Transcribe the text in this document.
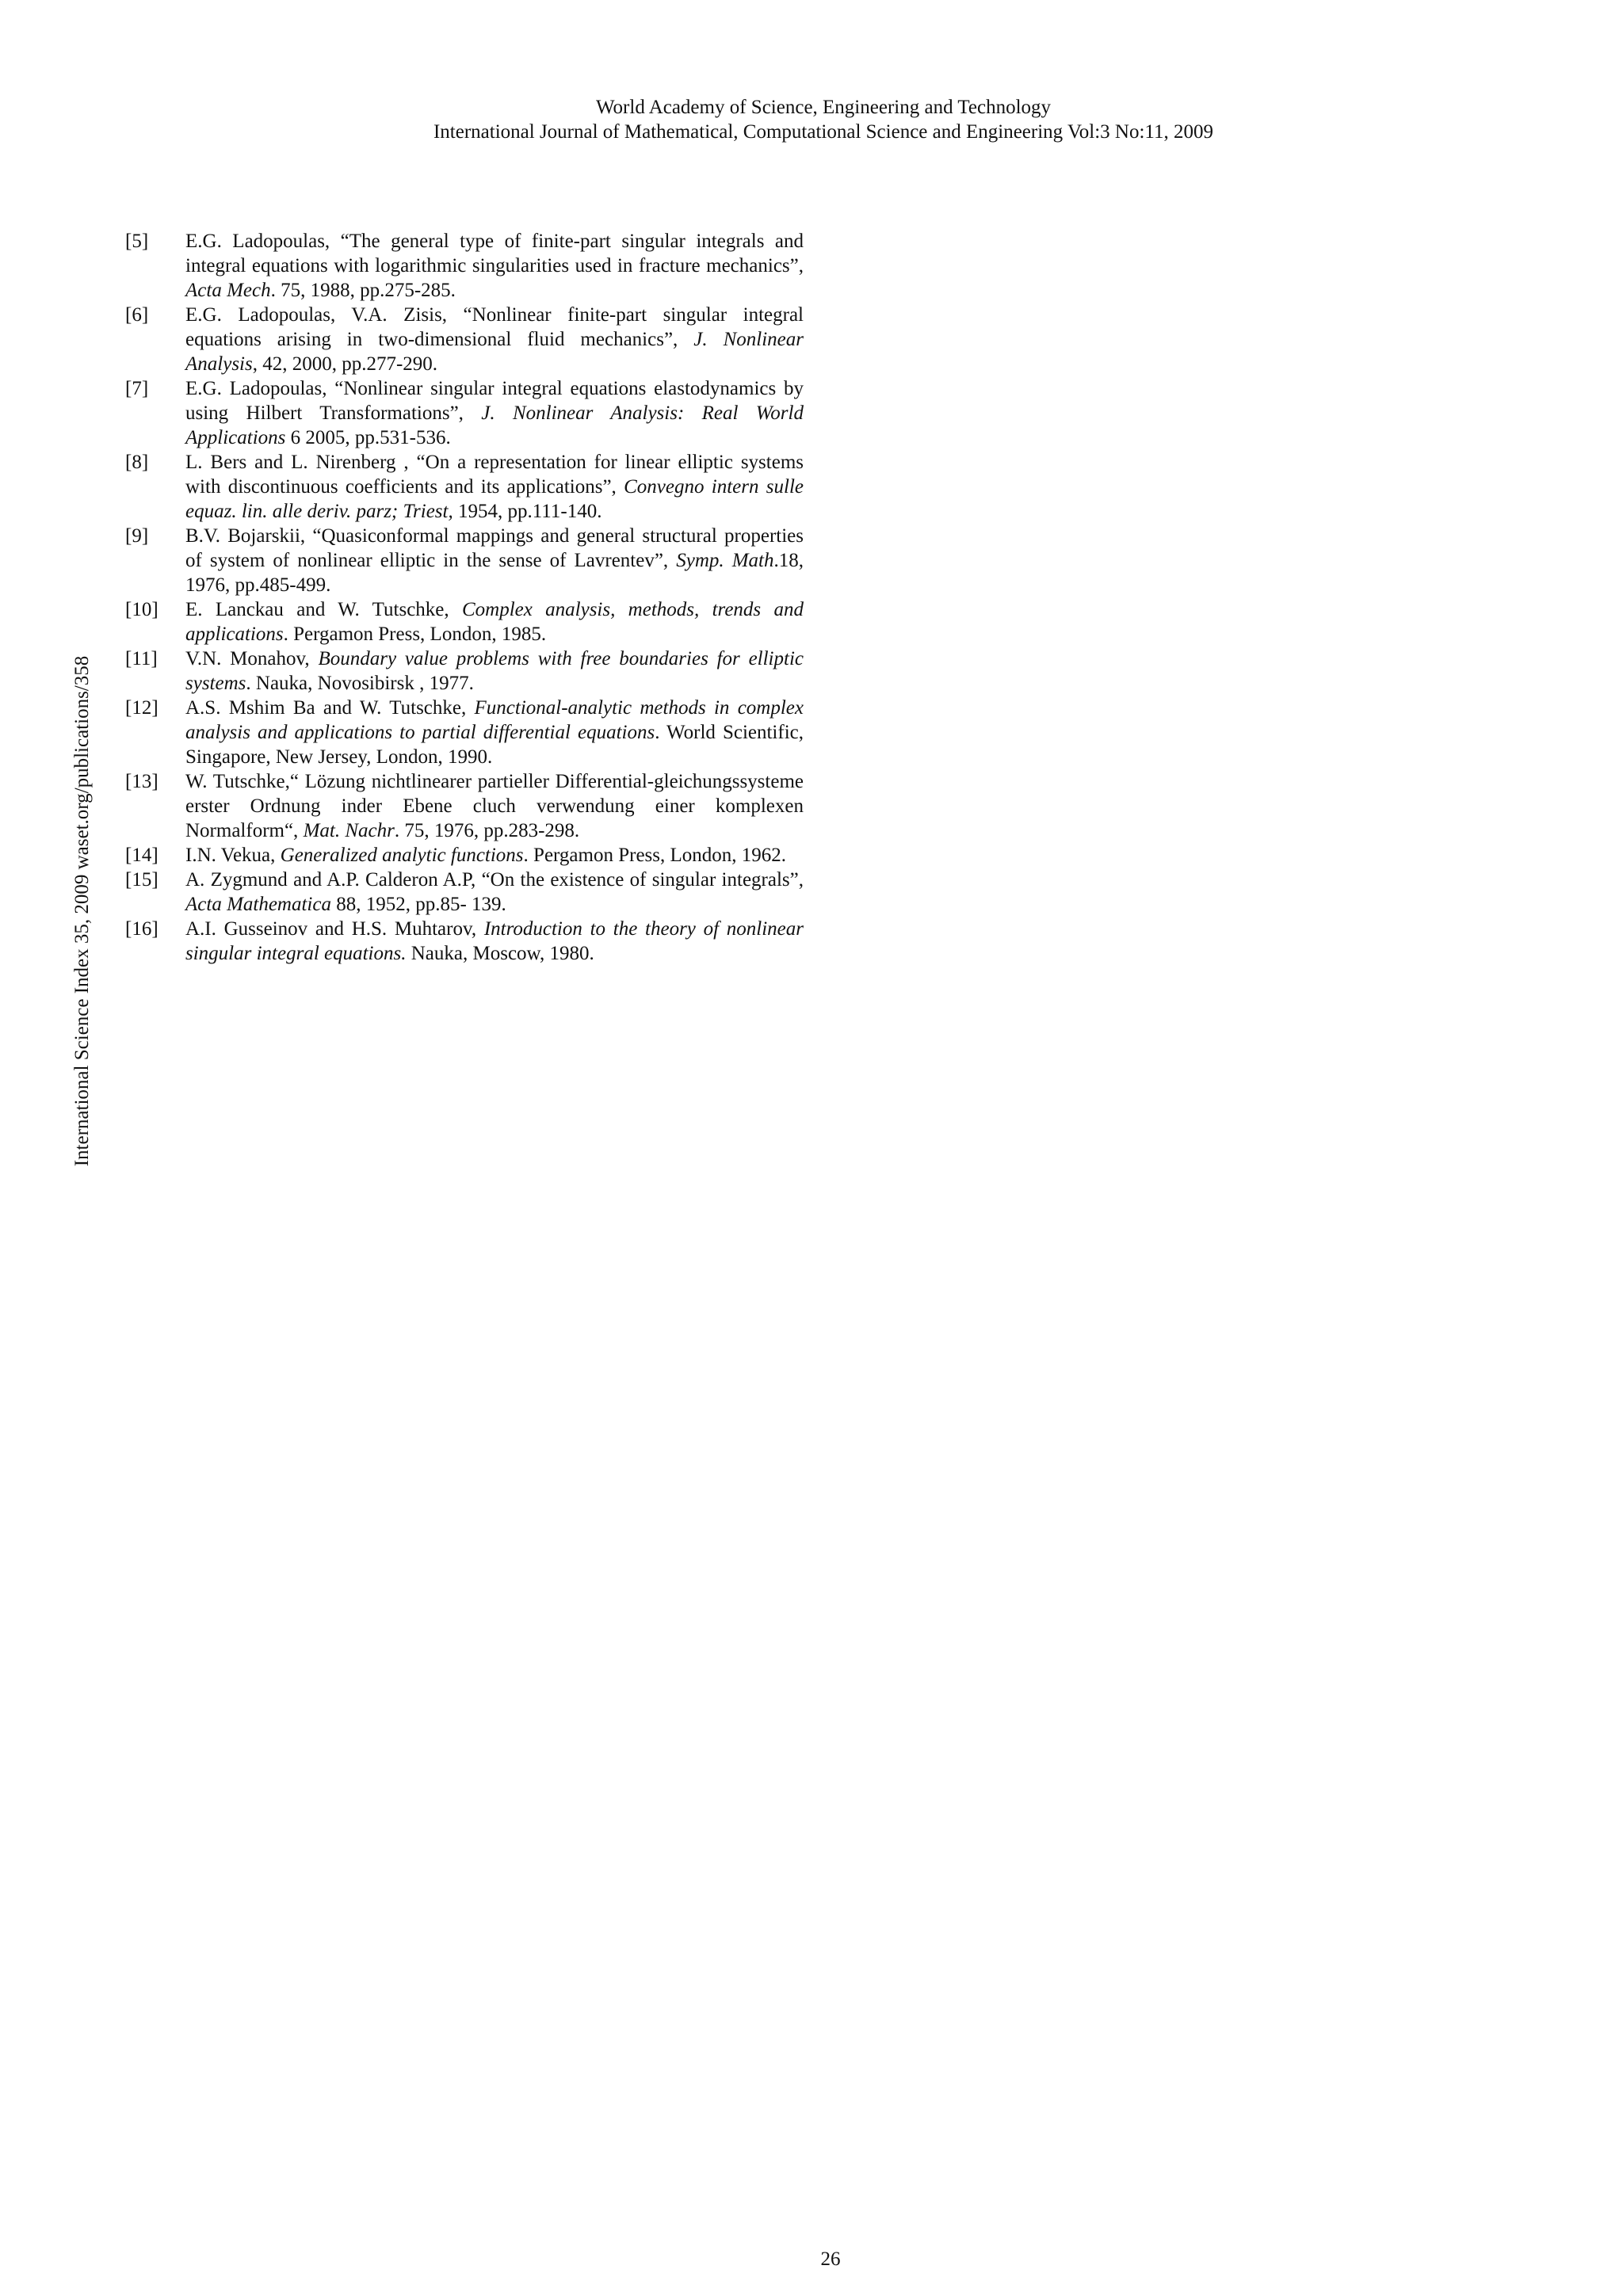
World Academy of Science, Engineering and Technology
International Journal of Mathematical, Computational Science and Engineering Vol:3 No:11, 2009
International Science Index 35, 2009 waset.org/publications/358
[5]	E.G. Ladopoulas, “The general type of finite-part singular integrals and integral equations with logarithmic singularities used in fracture mechanics”, Acta Mech. 75, 1988, pp.275-285.
[6]	E.G. Ladopoulas, V.A. Zisis, “Nonlinear finite-part singular integral equations arising in two-dimensional fluid mechanics”, J. Nonlinear Analysis, 42, 2000, pp.277-290.
[7]	E.G. Ladopoulas, “Nonlinear singular integral equations elastodynamics by using Hilbert Transformations”, J. Nonlinear Analysis: Real World Applications 6 2005, pp.531-536.
[8]	L. Bers and L. Nirenberg , “On a representation for linear elliptic systems with discontinuous coefficients and its applications”, Convegno intern sulle equaz. lin. alle deriv. parz; Triest, 1954, pp.111-140.
[9]	B.V. Bojarskii, “Quasiconformal mappings and general structural properties of system of nonlinear elliptic in the sense of Lavrentev”, Symp. Math.18, 1976, pp.485-499.
[10]	E. Lanckau and W. Tutschke, Complex analysis, methods, trends and applications. Pergamon Press, London, 1985.
[11]	V.N. Monahov, Boundary value problems with free boundaries for elliptic systems. Nauka, Novosibirsk , 1977.
[12]	A.S. Mshim Ba and W. Tutschke, Functional-analytic methods in complex analysis and applications to partial differential equations. World Scientific, Singapore, New Jersey, London, 1990.
[13]	W. Tutschke,“ Lözung nichtlinearer partieller Differential-gleichungssysteme erster Ordnung inder Ebene cluch verwendung einer komplexen Normalform“, Mat. Nachr. 75, 1976, pp.283-298.
[14]	I.N. Vekua, Generalized analytic functions. Pergamon Press, London, 1962.
[15]	A. Zygmund and A.P. Calderon A.P, “On the existence of singular integrals”, Acta Mathematica 88, 1952, pp.85- 139.
[16]	A.I. Gusseinov and H.S. Muhtarov, Introduction to the theory of nonlinear singular integral equations. Nauka, Moscow, 1980.
26
